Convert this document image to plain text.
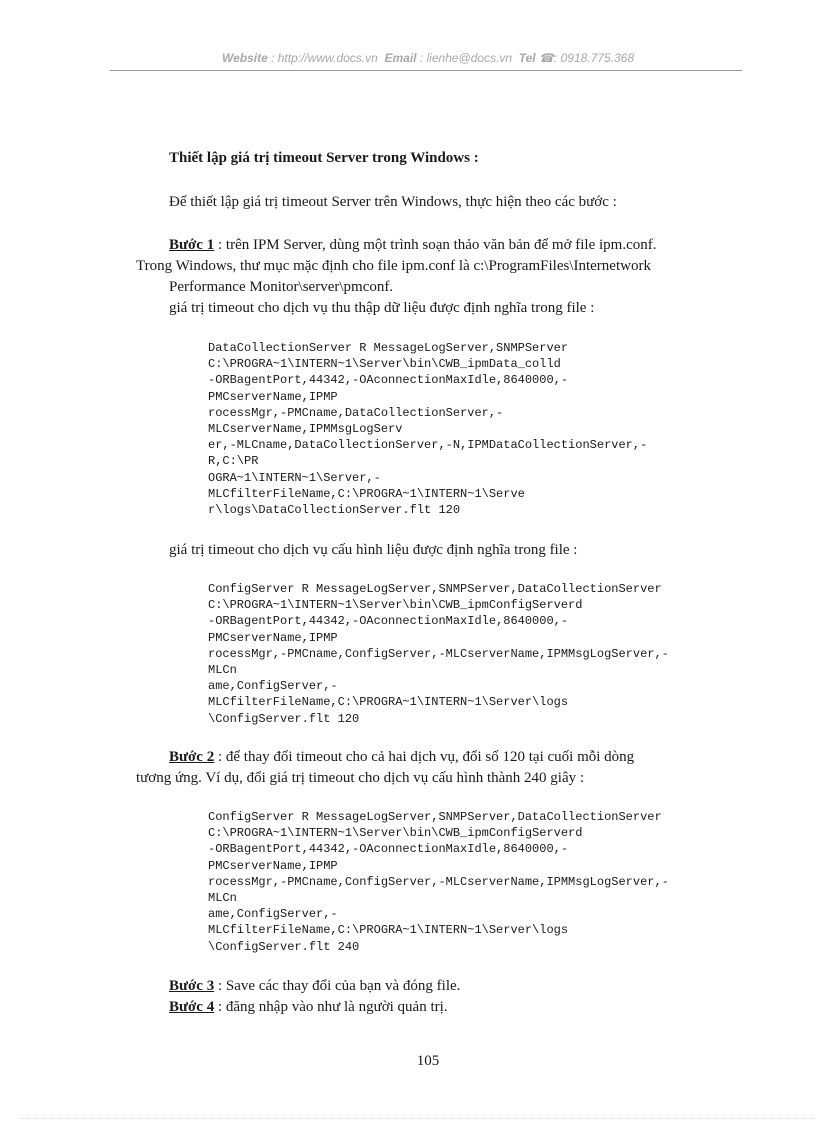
Website : http://www.docs.vn Email : lienhe@docs.vn Tel ☎: 0918.775.368
Thiết lập giá trị timeout Server trong Windows :
Để thiết lập giá trị timeout Server trên Windows, thực hiện theo các bước :
Bước 1 : trên IPM Server, dùng một trình soạn thảo văn bản để mở file ipm.conf.
Trong Windows, thư mục mặc định cho file ipm.conf là c:\ProgramFiles\Internetwork
Performance Monitor\server\pmconf.
giá trị timeout cho dịch vụ thu thập dữ liệu được định nghĩa trong file :
DataCollectionServer R MessageLogServer,SNMPServer
C:\PROGRA~1\INTERN~1\Server\bin\CWB_ipmData_colld
-ORBagentPort,44342,-OAconnectionMaxIdle,8640000,-
PMCserverName,IPMP
rocessMgr,-PMCname,DataCollectionServer,-
MLCserverName,IPMMsgLogServ
er,-MLCname,DataCollectionServer,-N,IPMDataCollectionServer,-
R,C:\PR
OGRA~1\INTERN~1\Server,-
MLCfilterFileName,C:\PROGRA~1\INTERN~1\Serve
r\logs\DataCollectionServer.flt 120
giá trị timeout cho dịch vụ cấu hình liệu được định nghĩa trong file :
ConfigServer R MessageLogServer,SNMPServer,DataCollectionServer
C:\PROGRA~1\INTERN~1\Server\bin\CWB_ipmConfigServerd
-ORBagentPort,44342,-OAconnectionMaxIdle,8640000,-
PMCserverName,IPMP
rocessMgr,-PMCname,ConfigServer,-MLCserverName,IPMMsgLogServer,-
MLCn
ame,ConfigServer,-
MLCfilterFileName,C:\PROGRA~1\INTERN~1\Server\logs
\ConfigServer.flt 120
Bước 2 : để thay đổi timeout cho cả hai dịch vụ, đổi số 120 tại cuối mỗi dòng
tương ứng. Ví dụ, đổi giá trị timeout cho dịch vụ cấu hình thành 240 giây :
ConfigServer R MessageLogServer,SNMPServer,DataCollectionServer
C:\PROGRA~1\INTERN~1\Server\bin\CWB_ipmConfigServerd
-ORBagentPort,44342,-OAconnectionMaxIdle,8640000,-
PMCserverName,IPMP
rocessMgr,-PMCname,ConfigServer,-MLCserverName,IPMMsgLogServer,-
MLCn
ame,ConfigServer,-
MLCfilterFileName,C:\PROGRA~1\INTERN~1\Server\logs
\ConfigServer.flt 240
Bước 3 : Save các thay đổi của bạn và đóng file.
Bước 4 : đăng nhập vào như là người quản trị.
105
